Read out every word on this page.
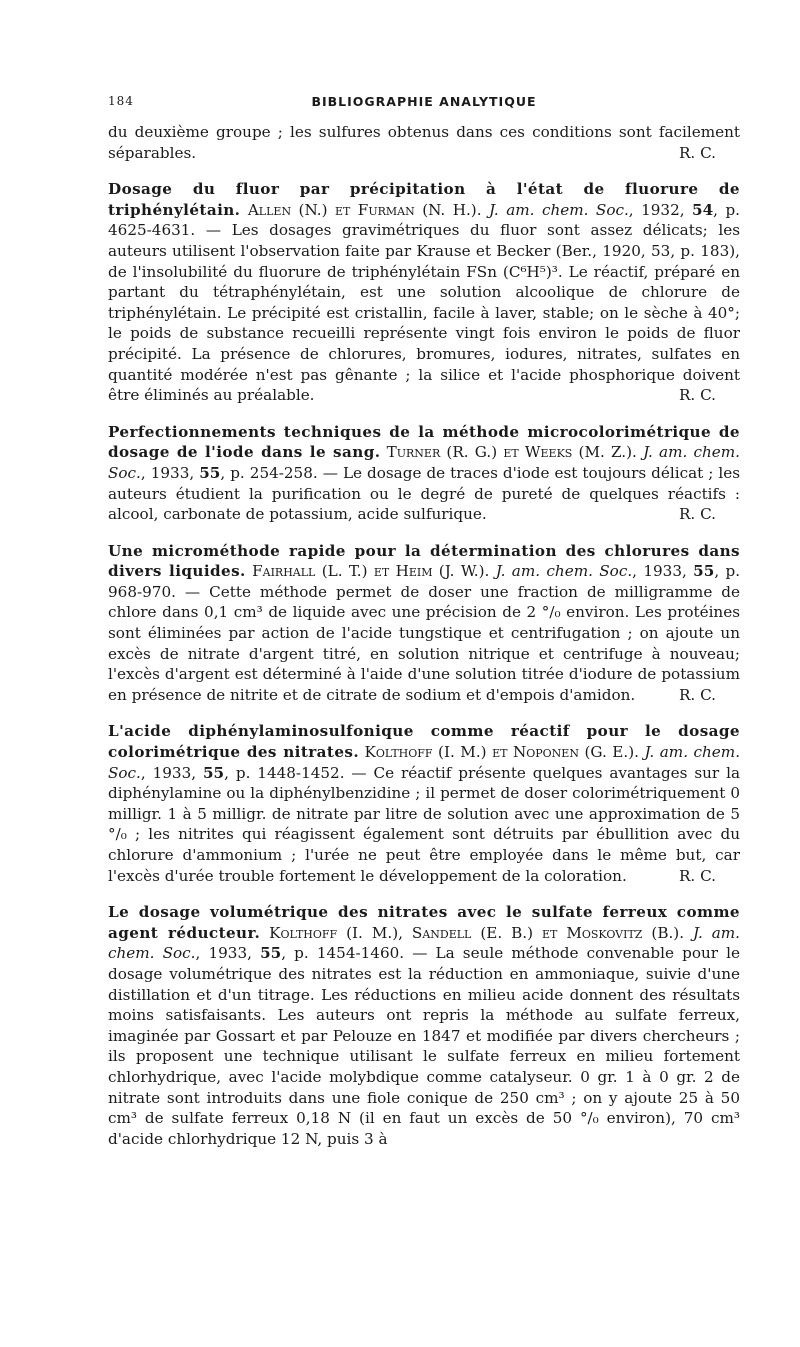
184	BIBLIOGRAPHIE ANALYTIQUE

du deuxième groupe ; les sulfures obtenus dans ces conditions sont facilement séparables.	R. C.

Dosage du fluor par précipitation à l'état de fluorure de triphénylétain. Allen (N.) et Furman (N. H.). J. am. chem. Soc., 1932, 54, p. 4625-4631. — Les dosages gravimétriques du fluor sont assez délicats; les auteurs utilisent l'observation faite par Krause et Becker (Ber., 1920, 53, p. 183), de l'insolubilité du fluorure de triphénylétain FSn (C⁶H⁵)³. Le réactif, préparé en partant du tétraphénylétain, est une solution alcoolique de chlorure de triphénylétain. Le précipité est cristallin, facile à laver, stable; on le sèche à 40°; le poids de substance recueilli représente vingt fois environ le poids de fluor précipité. La présence de chlorures, bromures, iodures, nitrates, sulfates en quantité modérée n'est pas gênante ; la silice et l'acide phosphorique doivent être éliminés au préalable.	R. C.

Perfectionnements techniques de la méthode microcolorimétrique de dosage de l'iode dans le sang. Turner (R. G.) et Weeks (M. Z.). J. am. chem. Soc., 1933, 55, p. 254-258. — Le dosage de traces d'iode est toujours délicat ; les auteurs étudient la purification ou le degré de pureté de quelques réactifs : alcool, carbonate de potassium, acide sulfurique.	R. C.

Une microméthode rapide pour la détermination des chlorures dans divers liquides. Fairhall (L. T.) et Heim (J. W.). J. am. chem. Soc., 1933, 55, p. 968-970. — Cette méthode permet de doser une fraction de milligramme de chlore dans 0,1 cm³ de liquide avec une précision de 2 °/₀ environ. Les protéines sont éliminées par action de l'acide tungstique et centrifugation ; on ajoute un excès de nitrate d'argent titré, en solution nitrique et centrifuge à nouveau; l'excès d'argent est déterminé à l'aide d'une solution titrée d'iodure de potassium en présence de nitrite et de citrate de sodium et d'empois d'amidon.	R. C.

L'acide diphénylaminosulfonique comme réactif pour le dosage colorimétrique des nitrates. Kolthoff (I. M.) et Noponen (G. E.). J. am. chem. Soc., 1933, 55, p. 1448-1452. — Ce réactif présente quelques avantages sur la diphénylamine ou la diphénylbenzidine ; il permet de doser colorimétriquement 0 milligr. 1 à 5 milligr. de nitrate par litre de solution avec une approximation de 5 °/₀ ; les nitrites qui réagissent également sont détruits par ébullition avec du chlorure d'ammonium ; l'urée ne peut être employée dans le même but, car l'excès d'urée trouble fortement le développement de la coloration.	R. C.

Le dosage volumétrique des nitrates avec le sulfate ferreux comme agent réducteur. Kolthoff (I. M.), Sandell (E. B.) et Moskovitz (B.). J. am. chem. Soc., 1933, 55, p. 1454-1460. — La seule méthode convenable pour le dosage volumétrique des nitrates est la réduction en ammoniaque, suivie d'une distillation et d'un titrage. Les réductions en milieu acide donnent des résultats moins satisfaisants. Les auteurs ont repris la méthode au sulfate ferreux, imaginée par Gossart et par Pelouze en 1847 et modifiée par divers chercheurs ; ils proposent une technique utilisant le sulfate ferreux en milieu fortement chlorhydrique, avec l'acide molybdique comme catalyseur. 0 gr. 1 à 0 gr. 2 de nitrate sont introduits dans une fiole conique de 250 cm³ ; on y ajoute 25 à 50 cm³ de sulfate ferreux 0,18 N (il en faut un excès de 50 °/₀ environ), 70 cm³ d'acide chlorhydrique 12 N, puis 3 à
